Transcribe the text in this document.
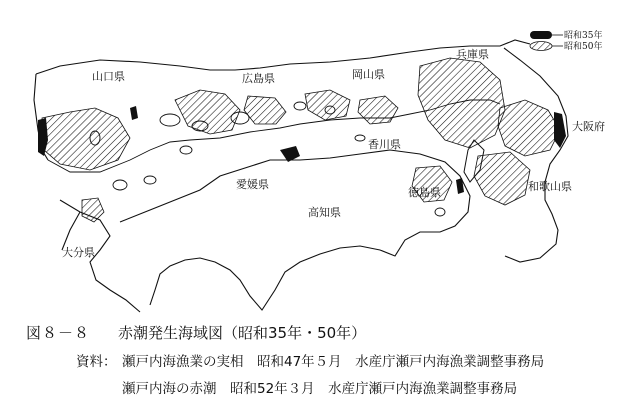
昭和35年
昭和50年
山口県	広島県	岡山県
兵庫県
大阪府
香川県
愛媛県
徳島県	和歌山県
高知県
大分県
図８－８ 赤潮発生海域図（昭和35年・50年）
資料： 瀬戸内海漁業の実相　昭和47年５月　水産庁瀬戸内海漁業調整事務局
瀬戸内海の赤潮　昭和52年３月　水産庁瀬戸内海漁業調整事務局
